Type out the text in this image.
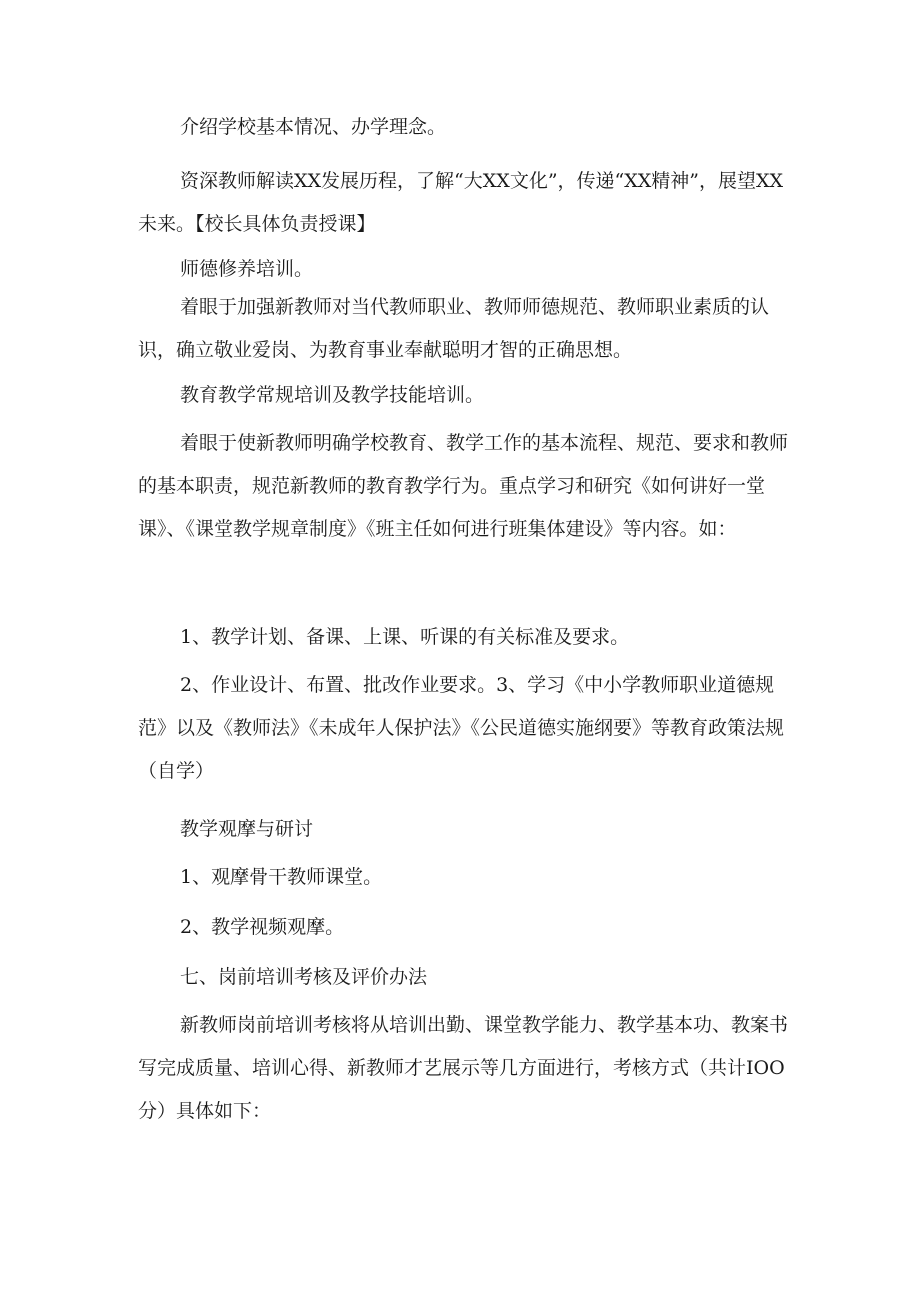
介绍学校基本情况、办学理念。

资深教师解读XX发展历程，了解“大XX文化”，传递“XX精神”，展望XX未来。【校长具体负责授课】

师德修养培训。

着眼于加强新教师对当代教师职业、教师师德规范、教师职业素质的认识，确立敬业爱岗、为教育事业奉献聪明才智的正确思想。

教育教学常规培训及教学技能培训。

着眼于使新教师明确学校教育、教学工作的基本流程、规范、要求和教师的基本职责，规范新教师的教育教学行为。重点学习和研究《如何讲好一堂课》、《课堂教学规章制度》《班主任如何进行班集体建设》等内容。如：

1、教学计划、备课、上课、听课的有关标准及要求。

2、作业设计、布置、批改作业要求。3、学习《中小学教师职业道德规范》以及《教师法》《未成年人保护法》《公民道德实施纲要》等教育政策法规（自学）

教学观摩与研讨

1、观摩骨干教师课堂。

2、教学视频观摩。

七、岗前培训考核及评价办法

新教师岗前培训考核将从培训出勤、课堂教学能力、教学基本功、教案书写完成质量、培训心得、新教师才艺展示等几方面进行，考核方式（共计IOO分）具体如下：
